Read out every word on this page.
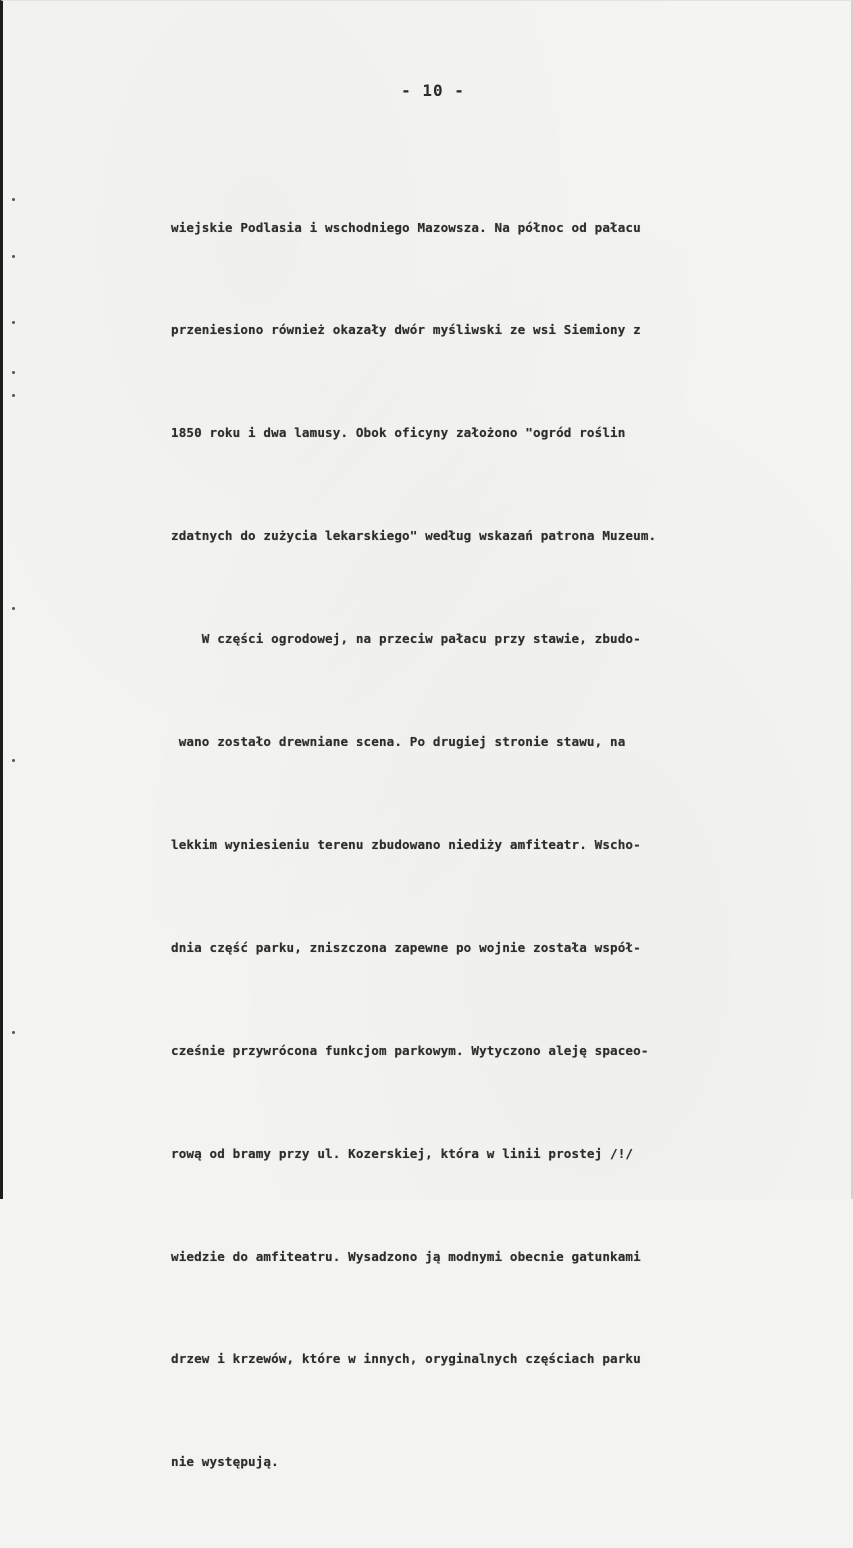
- 10 -

wiejskie Podlasia i wschodniego Mazowsza. Na północ od pałacu

przeniesiono również okazały dwór myśliwski ze wsi Siemiony z

1850 roku i dwa lamusy. Obok oficyny założono "ogród roślin

zdatnych do zużycia lekarskiego" według wskazań patrona Muzeum.

W części ogrodowej, na przeciw pałacu przy stawie, zbudo-

wano zostało drewniane scena. Po drugiej stronie stawu, na

lekkim wyniesieniu terenu zbudowano niediży amfiteatr. Wscho-

dnia część parku, zniszczona zapewne po wojnie została współ-

cześnie przywrócona funkcjom parkowym. Wytyczono aleję spaceo-

rową od bramy przy ul. Kozerskiej, która w linii prostej /!/

wiedzie do amfiteatru. Wysadzono ją modnymi obecnie gatunkami

drzew i krzewów, które w innych, oryginalnych częściach parku

nie występują.
